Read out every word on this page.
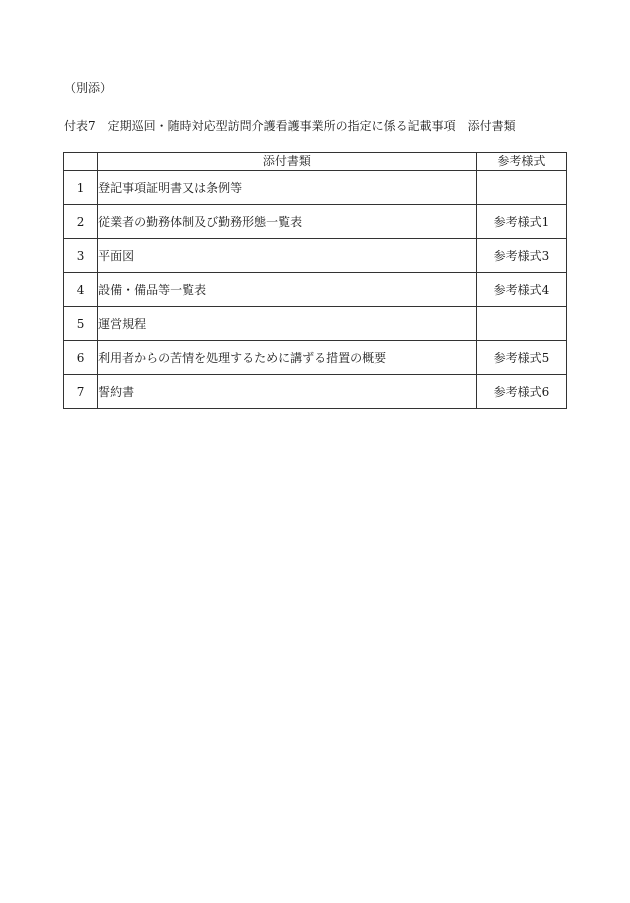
（別添）
付表7　定期巡回・随時対応型訪問介護看護事業所の指定に係る記載事項　添付書類
	添付書類	参考様式
1	登記事項証明書又は条例等	
2	従業者の勤務体制及び勤務形態一覧表	参考様式1
3	平面図	参考様式3
4	設備・備品等一覧表	参考様式4
5	運営規程	
6	利用者からの苦情を処理するために講ずる措置の概要	参考様式5
7	誓約書	参考様式6
